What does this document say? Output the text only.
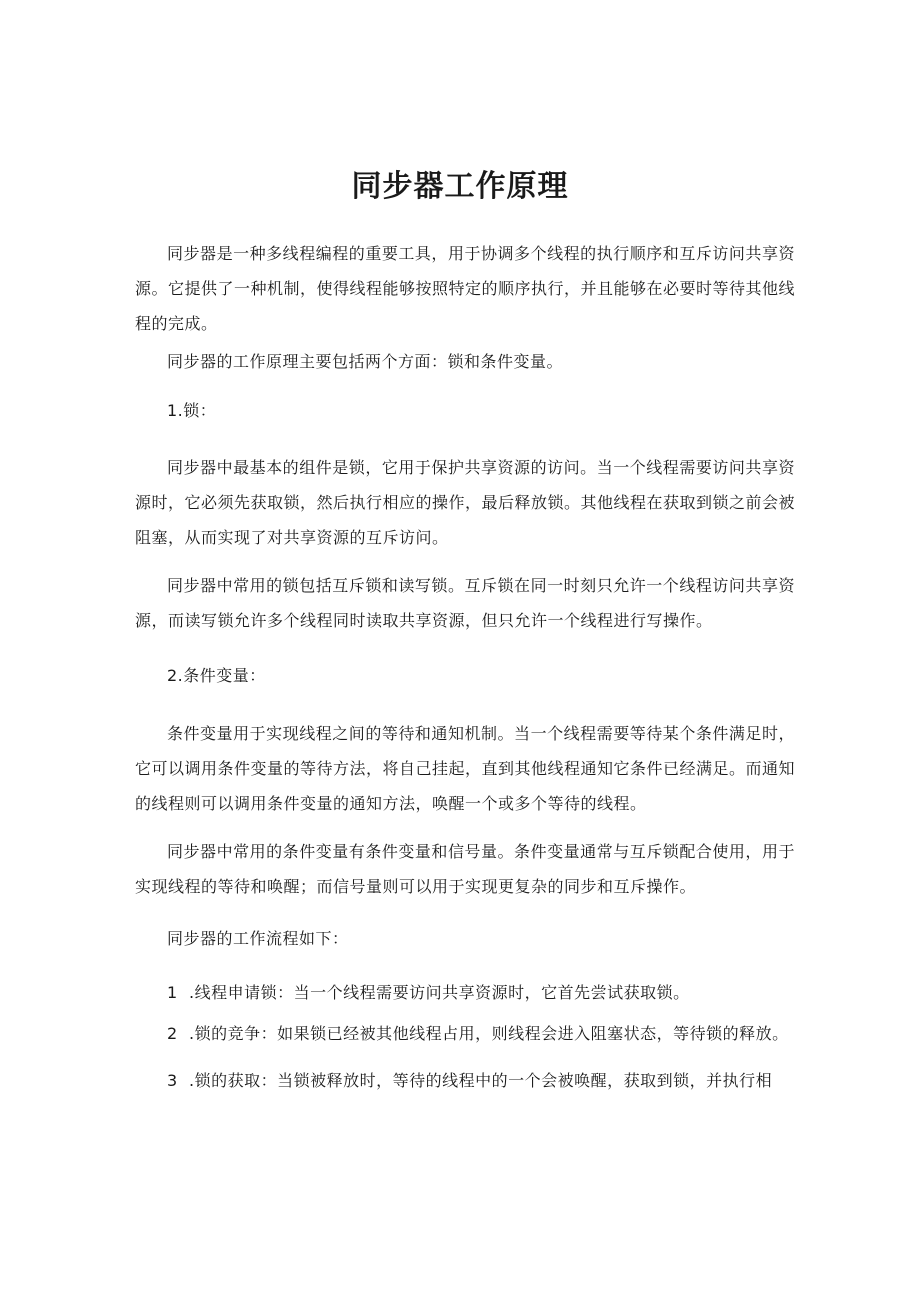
同步器工作原理

同步器是一种多线程编程的重要工具，用于协调多个线程的执行顺序和互斥访问共享资源。它提供了一种机制，使得线程能够按照特定的顺序执行，并且能够在必要时等待其他线程的完成。

同步器的工作原理主要包括两个方面：锁和条件变量。

1.锁：

同步器中最基本的组件是锁，它用于保护共享资源的访问。当一个线程需要访问共享资源时，它必须先获取锁，然后执行相应的操作，最后释放锁。其他线程在获取到锁之前会被阻塞，从而实现了对共享资源的互斥访问。

同步器中常用的锁包括互斥锁和读写锁。互斥锁在同一时刻只允许一个线程访问共享资源，而读写锁允许多个线程同时读取共享资源，但只允许一个线程进行写操作。

2.条件变量：

条件变量用于实现线程之间的等待和通知机制。当一个线程需要等待某个条件满足时，它可以调用条件变量的等待方法，将自己挂起，直到其他线程通知它条件已经满足。而通知的线程则可以调用条件变量的通知方法，唤醒一个或多个等待的线程。

同步器中常用的条件变量有条件变量和信号量。条件变量通常与互斥锁配合使用，用于实现线程的等待和唤醒；而信号量则可以用于实现更复杂的同步和互斥操作。

同步器的工作流程如下：

1 .线程申请锁：当一个线程需要访问共享资源时，它首先尝试获取锁。

2 .锁的竞争：如果锁已经被其他线程占用，则线程会进入阻塞状态，等待锁的释放。

3 .锁的获取：当锁被释放时，等待的线程中的一个会被唤醒，获取到锁，并执行相
